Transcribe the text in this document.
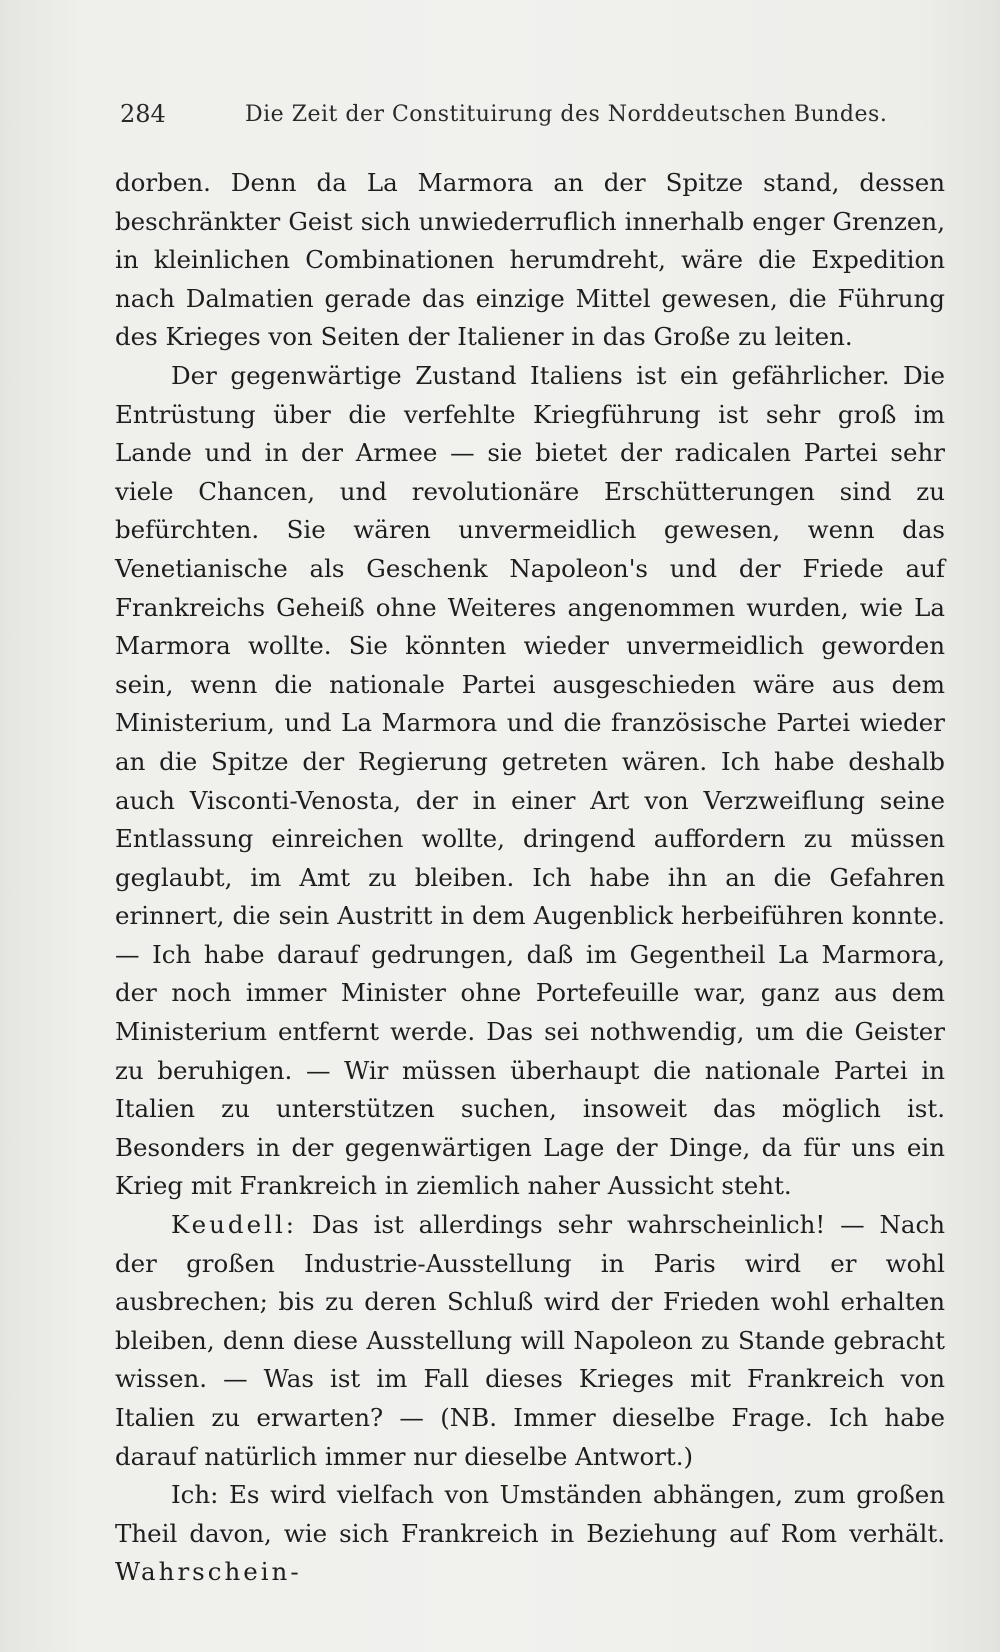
284	Die Zeit der Constituirung des Norddeutschen Bundes.

dorben. Denn da La Marmora an der Spitze stand, dessen beschränkter Geist sich unwiederruflich innerhalb enger Grenzen, in kleinlichen Combinationen herumdreht, wäre die Expedition nach Dalmatien gerade das einzige Mittel gewesen, die Führung des Krieges von Seiten der Italiener in das Große zu leiten.

Der gegenwärtige Zustand Italiens ist ein gefährlicher. Die Entrüstung über die verfehlte Kriegführung ist sehr groß im Lande und in der Armee — sie bietet der radicalen Partei sehr viele Chancen, und revolutionäre Erschütterungen sind zu befürchten. Sie wären unvermeidlich gewesen, wenn das Venetianische als Geschenk Napoleon's und der Friede auf Frankreichs Geheiß ohne Weiteres angenommen wurden, wie La Marmora wollte. Sie könnten wieder unvermeidlich geworden sein, wenn die nationale Partei ausgeschieden wäre aus dem Ministerium, und La Marmora und die französische Partei wieder an die Spitze der Regierung getreten wären. Ich habe deshalb auch Visconti-Venosta, der in einer Art von Verzweiflung seine Entlassung einreichen wollte, dringend auffordern zu müssen geglaubt, im Amt zu bleiben. Ich habe ihn an die Gefahren erinnert, die sein Austritt in dem Augenblick herbeiführen konnte. — Ich habe darauf gedrungen, daß im Gegentheil La Marmora, der noch immer Minister ohne Portefeuille war, ganz aus dem Ministerium entfernt werde. Das sei nothwendig, um die Geister zu beruhigen. — Wir müssen überhaupt die nationale Partei in Italien zu unterstützen suchen, insoweit das möglich ist. Besonders in der gegenwärtigen Lage der Dinge, da für uns ein Krieg mit Frankreich in ziemlich naher Aussicht steht.

Keudell: Das ist allerdings sehr wahrscheinlich! — Nach der großen Industrie-Ausstellung in Paris wird er wohl ausbrechen; bis zu deren Schluß wird der Frieden wohl erhalten bleiben, denn diese Ausstellung will Napoleon zu Stande gebracht wissen. — Was ist im Fall dieses Krieges mit Frankreich von Italien zu erwarten? — (NB. Immer dieselbe Frage. Ich habe darauf natürlich immer nur dieselbe Antwort.)

Ich: Es wird vielfach von Umständen abhängen, zum großen Theil davon, wie sich Frankreich in Beziehung auf Rom verhält. Wahrschein-
